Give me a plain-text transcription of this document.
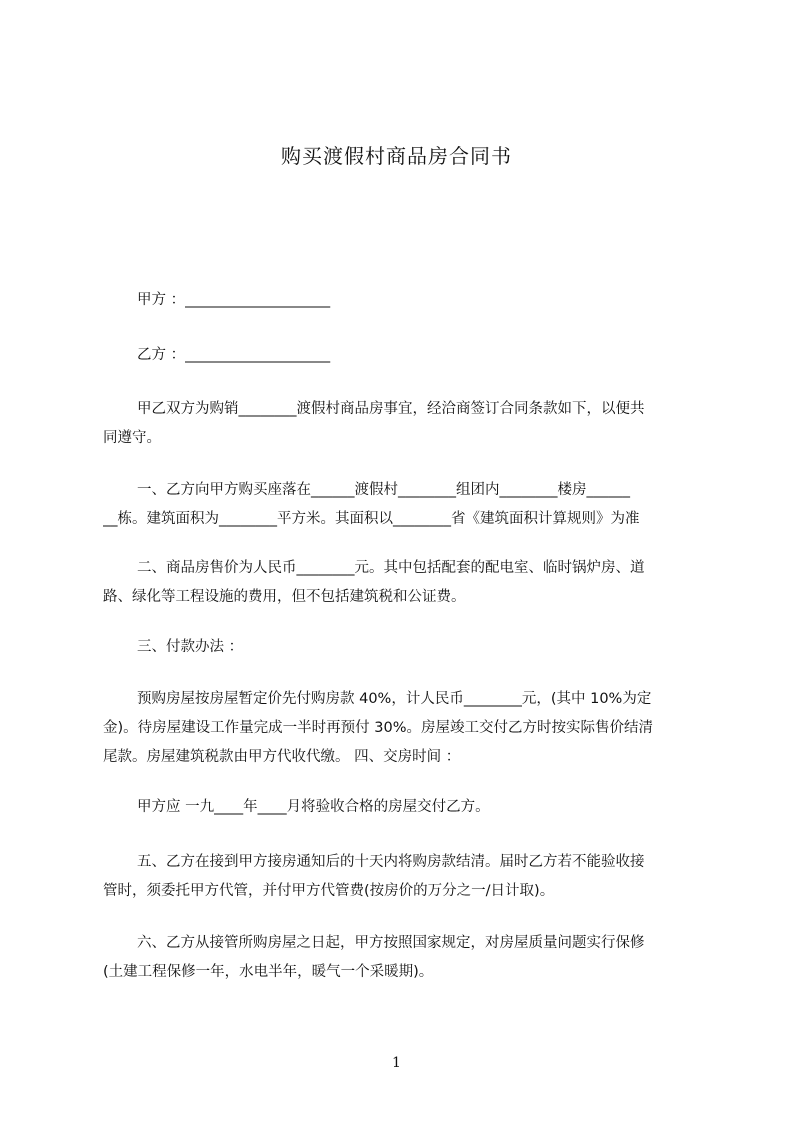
购买渡假村商品房合同书

甲方 ：____________________

乙方 ：____________________

甲乙双方为购销________渡假村商品房事宜，经洽商签订合同条款如下，以便共
同遵守。

一、乙方向甲方购买座落在______渡假村________组团内________楼房______
__栋。建筑面积为________平方米。其面积以________省《建筑面积计算规则》为准

二、商品房售价为人民币________元。其中包括配套的配电室、临时锅炉房、道
路、绿化等工程设施的费用，但不包括建筑税和公证费。

三、付款办法 ：

预购房屋按房屋暂定价先付购房款 40%，计人民币________元，(其中 10%为定
金)。待房屋建设工作量完成一半时再预付 30%。房屋竣工交付乙方时按实际售价结清
尾款。房屋建筑税款由甲方代收代缴。 四、交房时间 ：

甲方应 一九____年____月将验收合格的房屋交付乙方。

五、乙方在接到甲方接房通知后的十天内将购房款结清。届时乙方若不能验收接
管时，须委托甲方代管，并付甲方代管费(按房价的万分之一/日计取)。

六、乙方从接管所购房屋之日起，甲方按照国家规定，对房屋质量问题实行保修
(土建工程保修一年，水电半年，暖气一个采暖期)。

1
